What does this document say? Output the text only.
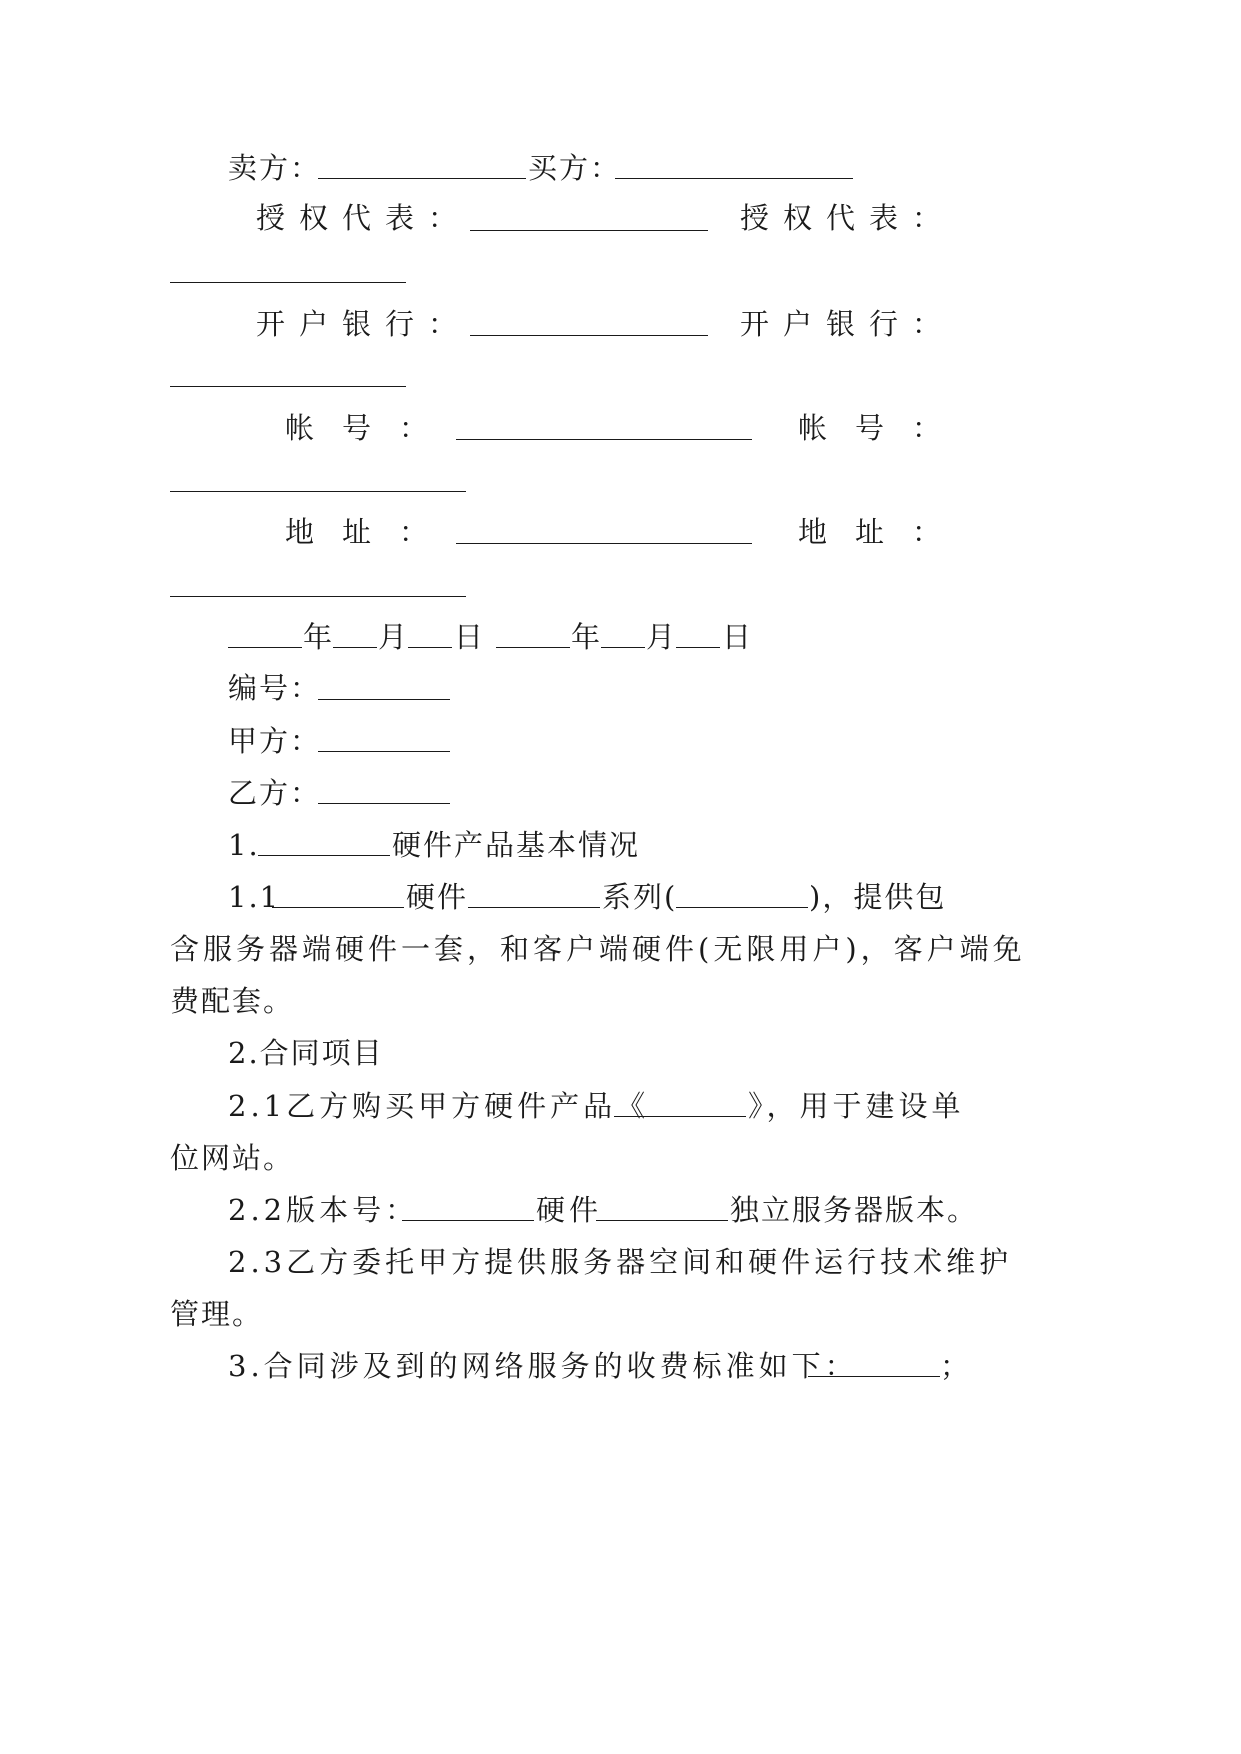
卖方：	买方：
授权代表：	授权代表：
开户银行：	开户银行：
帐号：	帐号：
地址：	地址：
年 月 日	年 月 日
编号：
甲方：
乙方：
1.	硬件产品基本情况
1.1	硬件	系列(	)，提供包
含服务器端硬件一套，和客户端硬件(无限用户)，客户端免
费配套。
2.合同项目
2.1乙方购买甲方硬件产品《	》，用于建设单
位网站。
2.2版本号：	硬件	独立服务器版本。
2.3乙方委托甲方提供服务器空间和硬件运行技术维护
管理。
3.合同涉及到的网络服务的收费标准如下：	；
